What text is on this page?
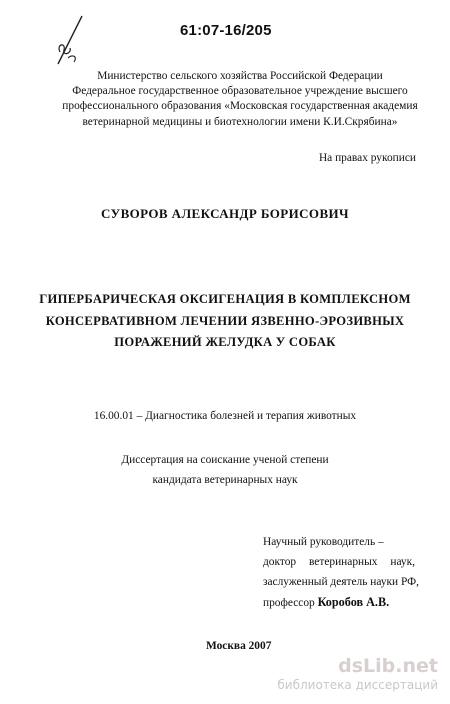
61:07-16/205
Министерство сельского хозяйства Российской Федерации
Федеральное государственное образовательное учреждение высшего
профессионального образования «Московская государственная академия
ветеринарной медицины и биотехнологии имени К.И.Скрябина»
На правах рукописи
СУВОРОВ АЛЕКСАНДР БОРИСОВИЧ
ГИПЕРБАРИЧЕСКАЯ ОКСИГЕНАЦИЯ В КОМПЛЕКСНОМ
КОНСЕРВАТИВНОМ ЛЕЧЕНИИ ЯЗВЕННО-ЭРОЗИВНЫХ
ПОРАЖЕНИЙ ЖЕЛУДКА У СОБАК
16.00.01 – Диагностика болезней и терапия животных
Диссертация на соискание ученой степени
кандидата ветеринарных наук
Научный руководитель –
доктор ветеринарных наук,
заслуженный деятель науки РФ,
профессор Коробов А.В.
Москва 2007
dsLib.net
библиотека диссертаций
